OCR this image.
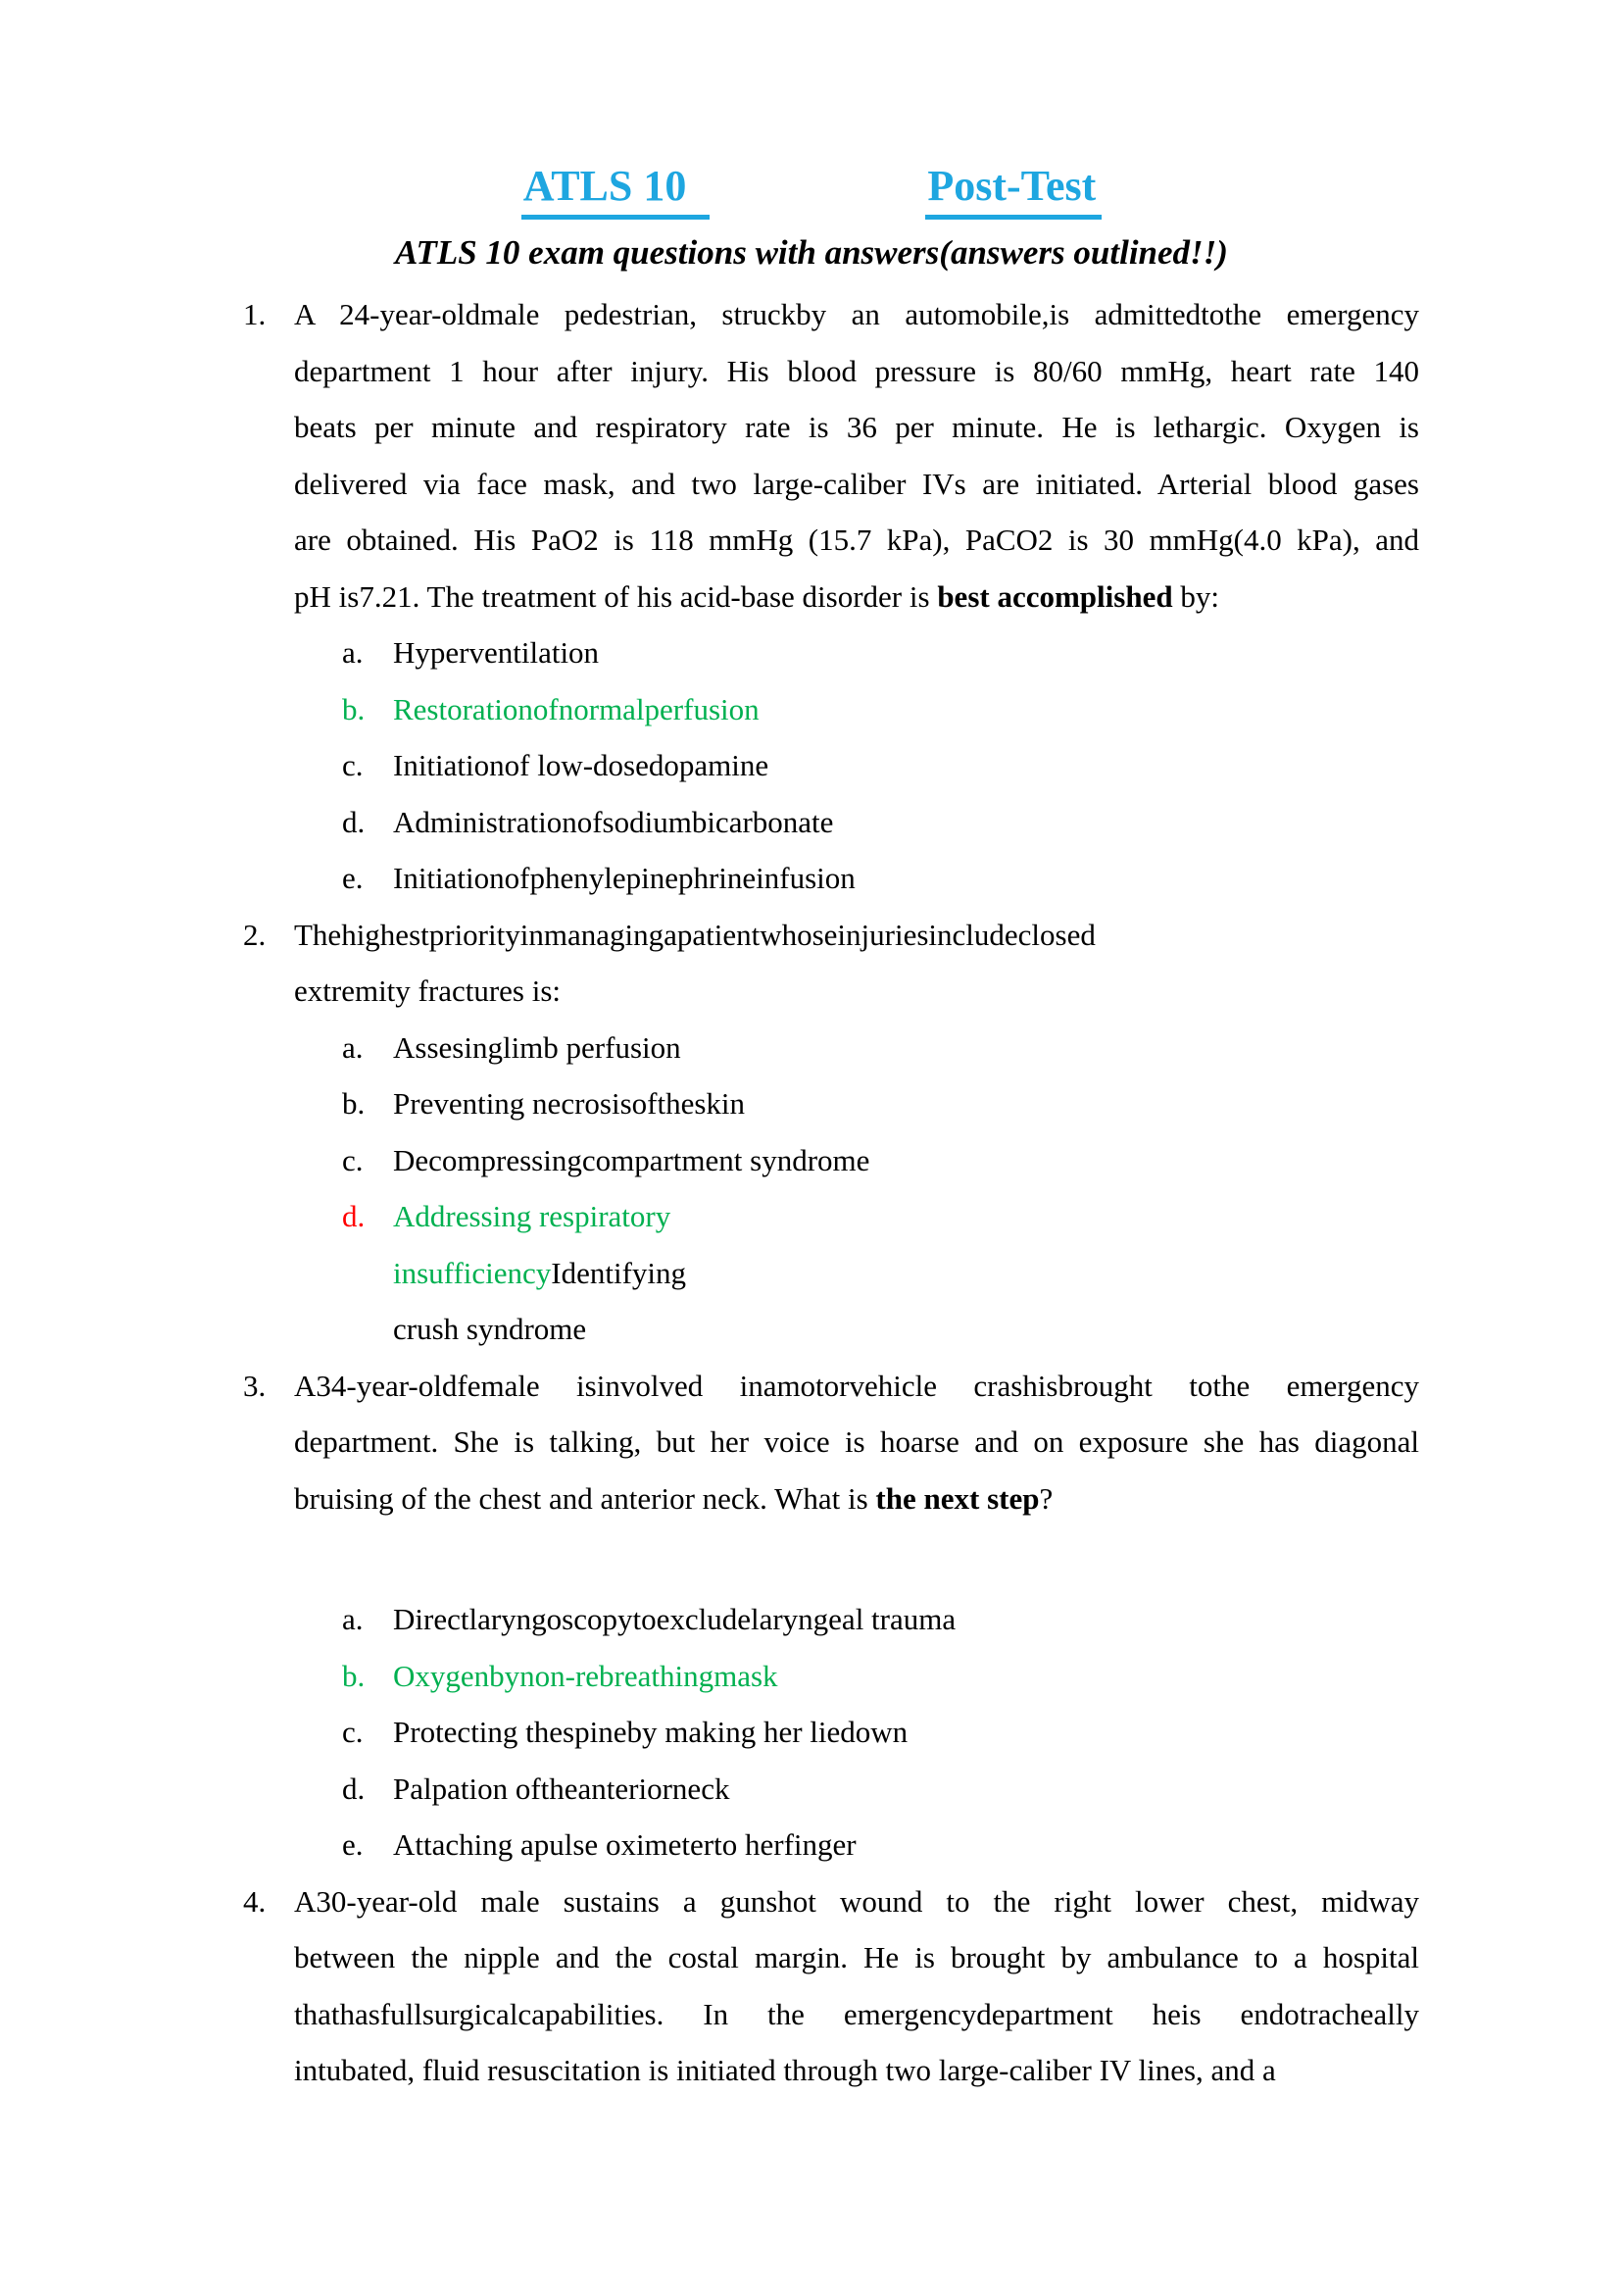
ATLS 10	Post-Test
ATLS 10 exam questions with answers(answers outlined!!)
1. A 24-year-oldmale pedestrian, struckby an automobile,is admittedtothe emergency
department 1 hour after injury. His blood pressure is 80/60 mmHg, heart rate 140
beats per minute and respiratory rate is 36 per minute. He is lethargic. Oxygen is
delivered via face mask, and two large-caliber IVs are initiated. Arterial blood gases
are obtained. His PaO2 is 118 mmHg (15.7 kPa), PaCO2 is 30 mmHg(4.0 kPa), and
pH is7.21. The treatment of his acid-base disorder is best accomplished by:
a. Hyperventilation
b. Restorationofnormalperfusion
c. Initiationof low-dosedopamine
d. Administrationofsodiumbicarbonate
e. Initiationofphenylepinephrineinfusion
2. Thehighestpriorityinmanagingapatientwhoseinjuriesincludeclosed
extremity fractures is:
a. Assesinglimb perfusion
b. Preventing necrosisoftheskin
c. Decompressingcompartment syndrome
d. Addressing respiratory
insufficiencyIdentifying
crush syndrome
3. A34-year-oldfemale isinvolved inamotorvehicle crashisbrought tothe emergency
department. She is talking, but her voice is hoarse and on exposure she has diagonal
bruising of the chest and anterior neck. What is the next step?
a. Directlaryngoscopytoexcludelaryngeal trauma
b. Oxygenbynon-rebreathingmask
c. Protecting thespineby making her liedown
d. Palpation oftheanteriorneck
e. Attaching apulse oximeterto herfinger
4. A30-year-old male sustains a gunshot wound to the right lower chest, midway
between the nipple and the costal margin. He is brought by ambulance to a hospital
thathasfullsurgicalcapabilities. In the emergencydepartment heis endotracheally
intubated, fluid resuscitation is initiated through two large-caliber IV lines, and a
